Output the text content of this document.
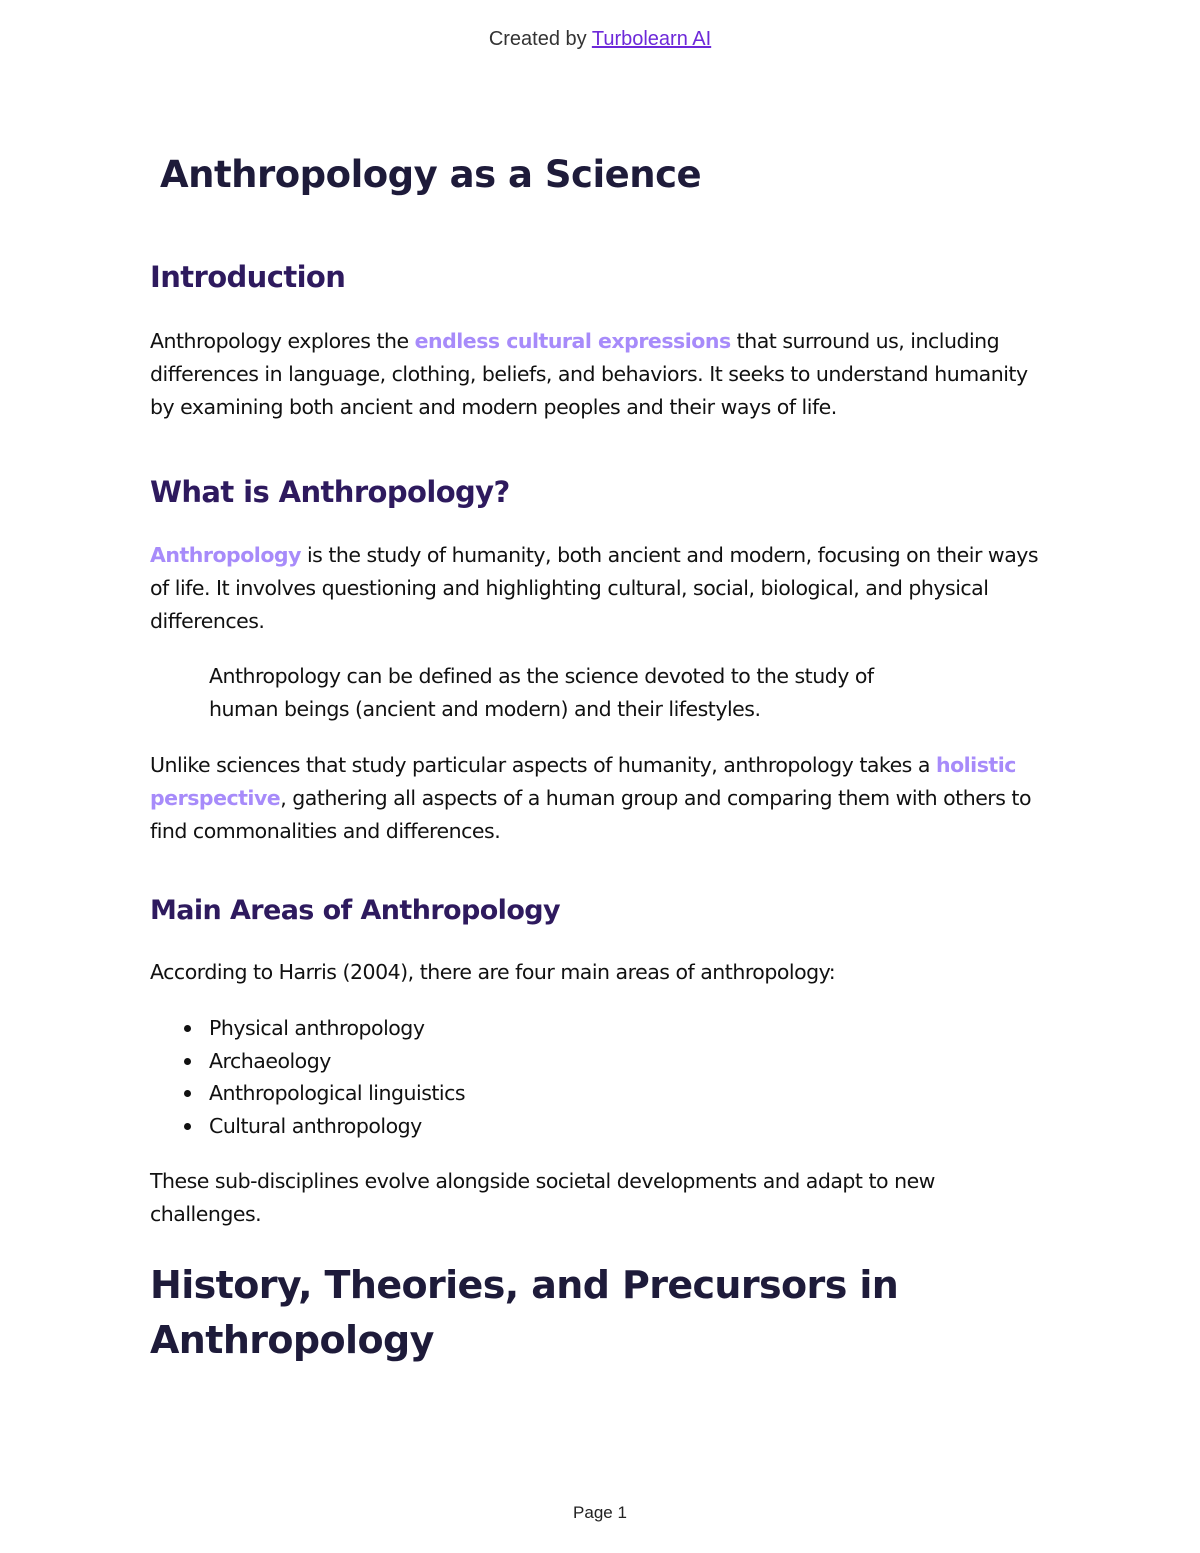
Created by Turbolearn AI
Anthropology as a Science
Introduction

Anthropology explores the endless cultural expressions that surround us, including differences in language, clothing, beliefs, and behaviors. It seeks to understand humanity by examining both ancient and modern peoples and their ways of life.

What is Anthropology?

Anthropology is the study of humanity, both ancient and modern, focusing on their ways of life. It involves questioning and highlighting cultural, social, biological, and physical differences.

Anthropology can be defined as the science devoted to the study of
human beings (ancient and modern) and their lifestyles.

Unlike sciences that study particular aspects of humanity, anthropology takes a holistic perspective, gathering all aspects of a human group and comparing them with others to find commonalities and differences.

Main Areas of Anthropology

According to Harris (2004), there are four main areas of anthropology:

Physical anthropology
Archaeology
Anthropological linguistics
Cultural anthropology

These sub-disciplines evolve alongside societal developments and adapt to new challenges.

History, Theories, and Precursors in Anthropology
Page 1
